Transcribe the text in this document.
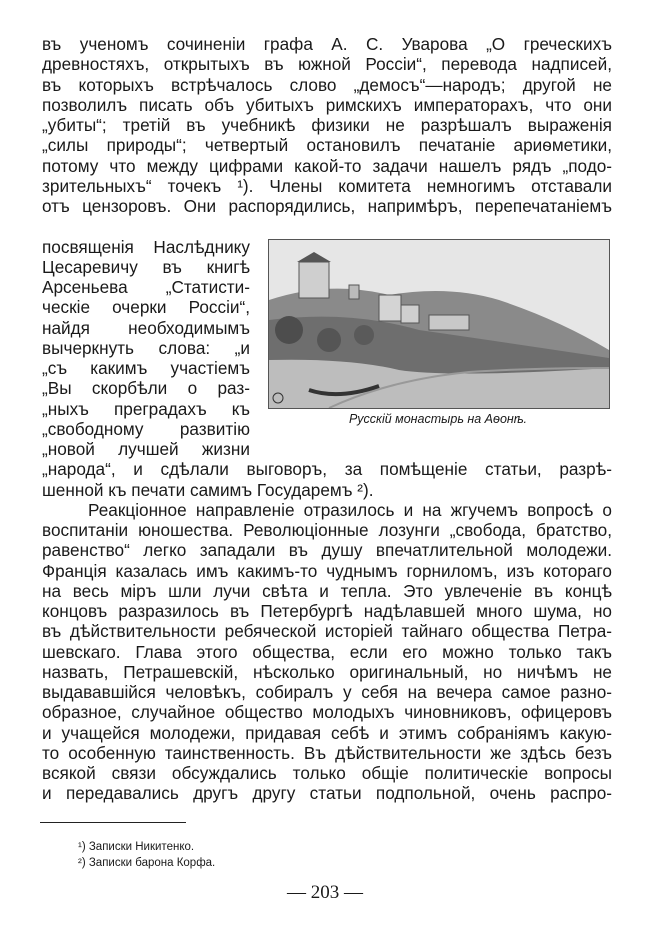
въ ученомъ сочиненіи графа А. С. Уварова „О греческихъ
древностяхъ, открытыхъ въ южной Россіи“, перевода надписей,
въ которыхъ встрѣчалось слово „демосъ“—народъ; другой не
позволилъ писать объ убитыхъ римскихъ императорахъ, что они
„убиты“; третій въ учебникѣ физики не разрѣшалъ выраженія
„силы природы“; четвертый остановилъ печатаніе ариѳметики,
потому что между цифрами какой-то задачи нашелъ рядъ „подо-
зрительныхъ“ точекъ ¹). Члены комитета немногимъ отставали
отъ цензоровъ. Они распорядились, напримѣръ, перепечатаніемъ
посвященія Наслѣднику
Цесаревичу въ книгѣ
Арсеньева „Статисти-
ческіе очерки Россіи“,
найдя необходимымъ
вычеркнуть слова: „и
„съ какимъ участіемъ
„Вы скорбѣли о раз-
„ныхъ преградахъ къ
„свободному развитію
„новой лучшей жизни
Русскій монастырь на Аѳонѣ.
„народа“, и сдѣлали выговоръ, за помѣщеніе статьи, разрѣ-
шенной къ печати самимъ Государемъ ²).
Реакціонное направленіе отразилось и на жгучемъ вопросѣ о
воспитаніи юношества. Революціонные лозунги „свобода, братство,
равенство“ легко западали въ душу впечатлительной молодежи.
Франція казалась имъ какимъ-то чуднымъ горниломъ, изъ котораго
на весь міръ шли лучи свѣта и тепла. Это увлеченіе въ концѣ
концовъ разразилось въ Петербургѣ надѣлавшей много шума, но
въ дѣйствительности ребяческой исторіей тайнаго общества Петра-
шевскаго. Глава этого общества, если его можно только такъ
назвать, Петрашевскій, нѣсколько оригинальный, но ничѣмъ не
выдававшійся человѣкъ, собиралъ у себя на вечера самое разно-
образное, случайное общество молодыхъ чиновниковъ, офицеровъ
и учащейся молодежи, придавая себѣ и этимъ собраніямъ какую-
то особенную таинственность. Въ дѣйствительности же здѣсь безъ
всякой связи обсуждались только общіе политическіе вопросы
и передавались другъ другу статьи подпольной, очень распро-
¹) Записки Никитенко.
²) Записки барона Корфа.
— 203 —
